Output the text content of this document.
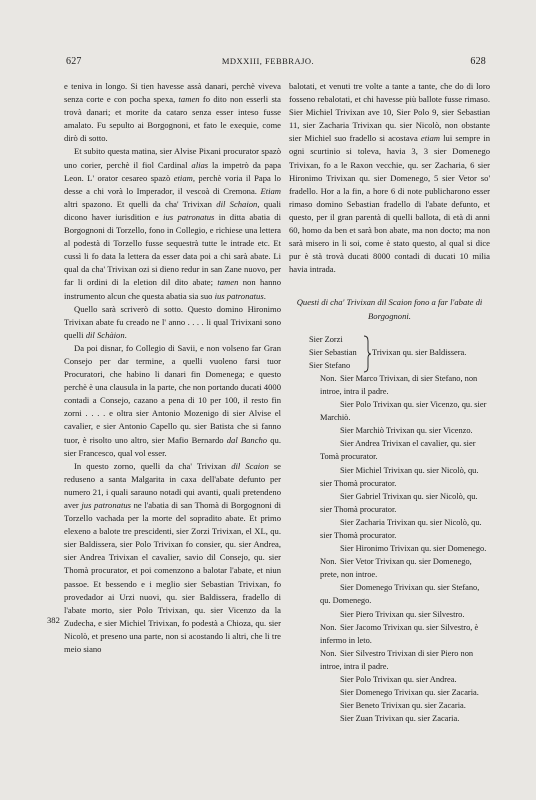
627	MDXXIII, FEBBRAJO.	628
382

e teniva in longo. Si tien havesse assà danari, perchè viveva senza corte e con pocha spexa, tamen fo dito non esserli sta trovà danari; et morite da cataro senza esser inteso fusse amalato. Fu sepulto ai Borgognoni, et fato le exequie, come dirò di sotto.

Et subito questa matina, sier Alvise Pixani procurator spazò uno corier, perchè il fiol Cardinal alias la impetrò da papa Leon. L' orator cesareo spazò etiam, perchè voria il Papa lo desse a chi vorà lo Imperador, il vescoà di Cremona. Etiam altri spazono. Et quelli da cha' Trivixan dil Schaion, quali dicono haver iurisdition e ius patronatus in ditta abatia di Borgognoni di Torzello, fono in Collegio, e richiese una lettera al podestà di Torzello fusse sequestrà tutte le intrade etc. Et cussì li fo data la lettera da esser data poi a chi sarà abate. Li qual da cha' Trivixan ozi si dieno redur in san Zane nuovo, per far li ordini di la eletion dil dito abate; tamen non hanno instrumento alcun che questa abatia sia suo ius patronatus.

Quello sarà scriverò di sotto. Questo domino Hironimo Trivixan abate fu creado ne l' anno . . . . li qual Trivixani sono quelli dil Schàion.

Da poi disnar, fo Collegio di Savii, e non volseno far Gran Consejo per dar termine, a quelli vuoleno farsi tuor Procuratori, che habino li danari fin Domenega; e questo perchè è una clausula in la parte, che non portando ducati 4000 contadi a Consejo, cazano a pena di 10 per 100, il resto fin zorni . . . . e oltra sier Antonio Mozenigo di sier Alvise el cavalier, e sier Antonio Capello qu. sier Batista che si fanno tuor, è risolto uno altro, sier Mafio Bernardo dal Bancho qu. sier Francesco, qual vol esser.

In questo zorno, quelli da cha' Trivixan dil Scaion se reduseno a santa Malgarita in caxa dell'abate defunto per numero 21, i quali sarauno notadi qui avanti, quali pretendeno aver jus patronatus ne l'abatia di san Thomà di Borgognoni di Torzello vachada per la morte del sopradito abate. Et primo elexeno a balote tre prescidenti, sier Zorzi Trivixan, el XL, qu. sier Baldissera, sier Polo Trivixan fo consier, qu. sier Andrea, sier Andrea Trivixan el cavalier, savio dil Consejo, qu. sier Thomà procurator, et poi comenzono a balotar l'abate, et niun passoe. Et bessendo e i meglio sier Sebastian Trivixan, fo provedador ai Urzi nuovi, qu. sier Baldissera, fradello di l'abate morto, sier Polo Trivixan, qu. sier Vicenzo da la Zudecha, e sier Michiel Trivixan, fo podestà a Chioza, qu. sier Nicolò, et preseno una parte, non si acostando li altri, che li tre meio siano

balotati, et venuti tre volte a tante a tante, che do di loro fosseno rebalotati, et chi havesse più ballote fusse rimaso. Sier Michiel Trivixan ave 10, Sier Polo 9, sier Sebastian 11, sier Zacharia Trivixan qu. sier Nicolò, non obstante sier Michiel suo fradello si acostava etiam lui sempre in ogni scurtinio si toleva, havia 3, 3 sier Domenego Trivixan, fo a le Raxon vecchie, qu. ser Zacharia, 6 sier Hironimo Trivixan qu. sier Domenego, 5 sier Vetor so' fradello. Hor a la fin, a hore 6 di note publicharono esser rimaso domino Sebastian fradello di l'abate defunto, et questo, per il gran parentà di quelli ballota, di età di anni 60, homo da ben et sarà bon abate, ma non docto; ma non sarà misero in li soi, come è stato questo, al qual si dice pur è stà trovà ducati 8000 contadi di ducati 10 milia havia intrada.

Questi di cha' Trivixan dil Scaion fono a far l'abate di Borgognoni.

Sier Zorzi
Sier Sebastian
Sier Stefano
Trivixan qu. sier Baldissera.
Non. Sier Marco Trivixan, di sier Stefano, non introe, intra il padre.
Sier Polo Trivixan qu. sier Vicenzo, qu. sier Marchiò.
Sier Marchiò Trivixan qu. sier Vicenzo.
Sier Andrea Trivixan el cavalier, qu. sier Tomà procurator.
Sier Michiel Trivixan qu. sier Nicolò, qu. sier Thomà procurator.
Sier Gabriel Trivixan qu. sier Nicolò, qu. sier Thomà procurator.
Sier Zacharia Trivixan qu. sier Nicolò, qu. sier Thomà procurator.
Sier Hironimo Trivixan qu. sier Domenego.
Non. Sier Vetor Trivixan qu. sier Domenego, prete, non introe.
Sier Domenego Trivixan qu. sier Stefano, qu. Domenego.
Sier Piero Trivixan qu. sier Silvestro.
Non. Sier Jacomo Trivixan qu. sier Silvestro, è infermo in leto.
Non. Sier Silvestro Trivixan di sier Piero non introe, intra il padre.
Sier Polo Trivixan qu. sier Andrea.
Sier Domenego Trivixan qu. sier Zacaria.
Sier Beneto Trivixan qu. sier Zacaria.
Sier Zuan Trivixan qu. sier Zacaria.
